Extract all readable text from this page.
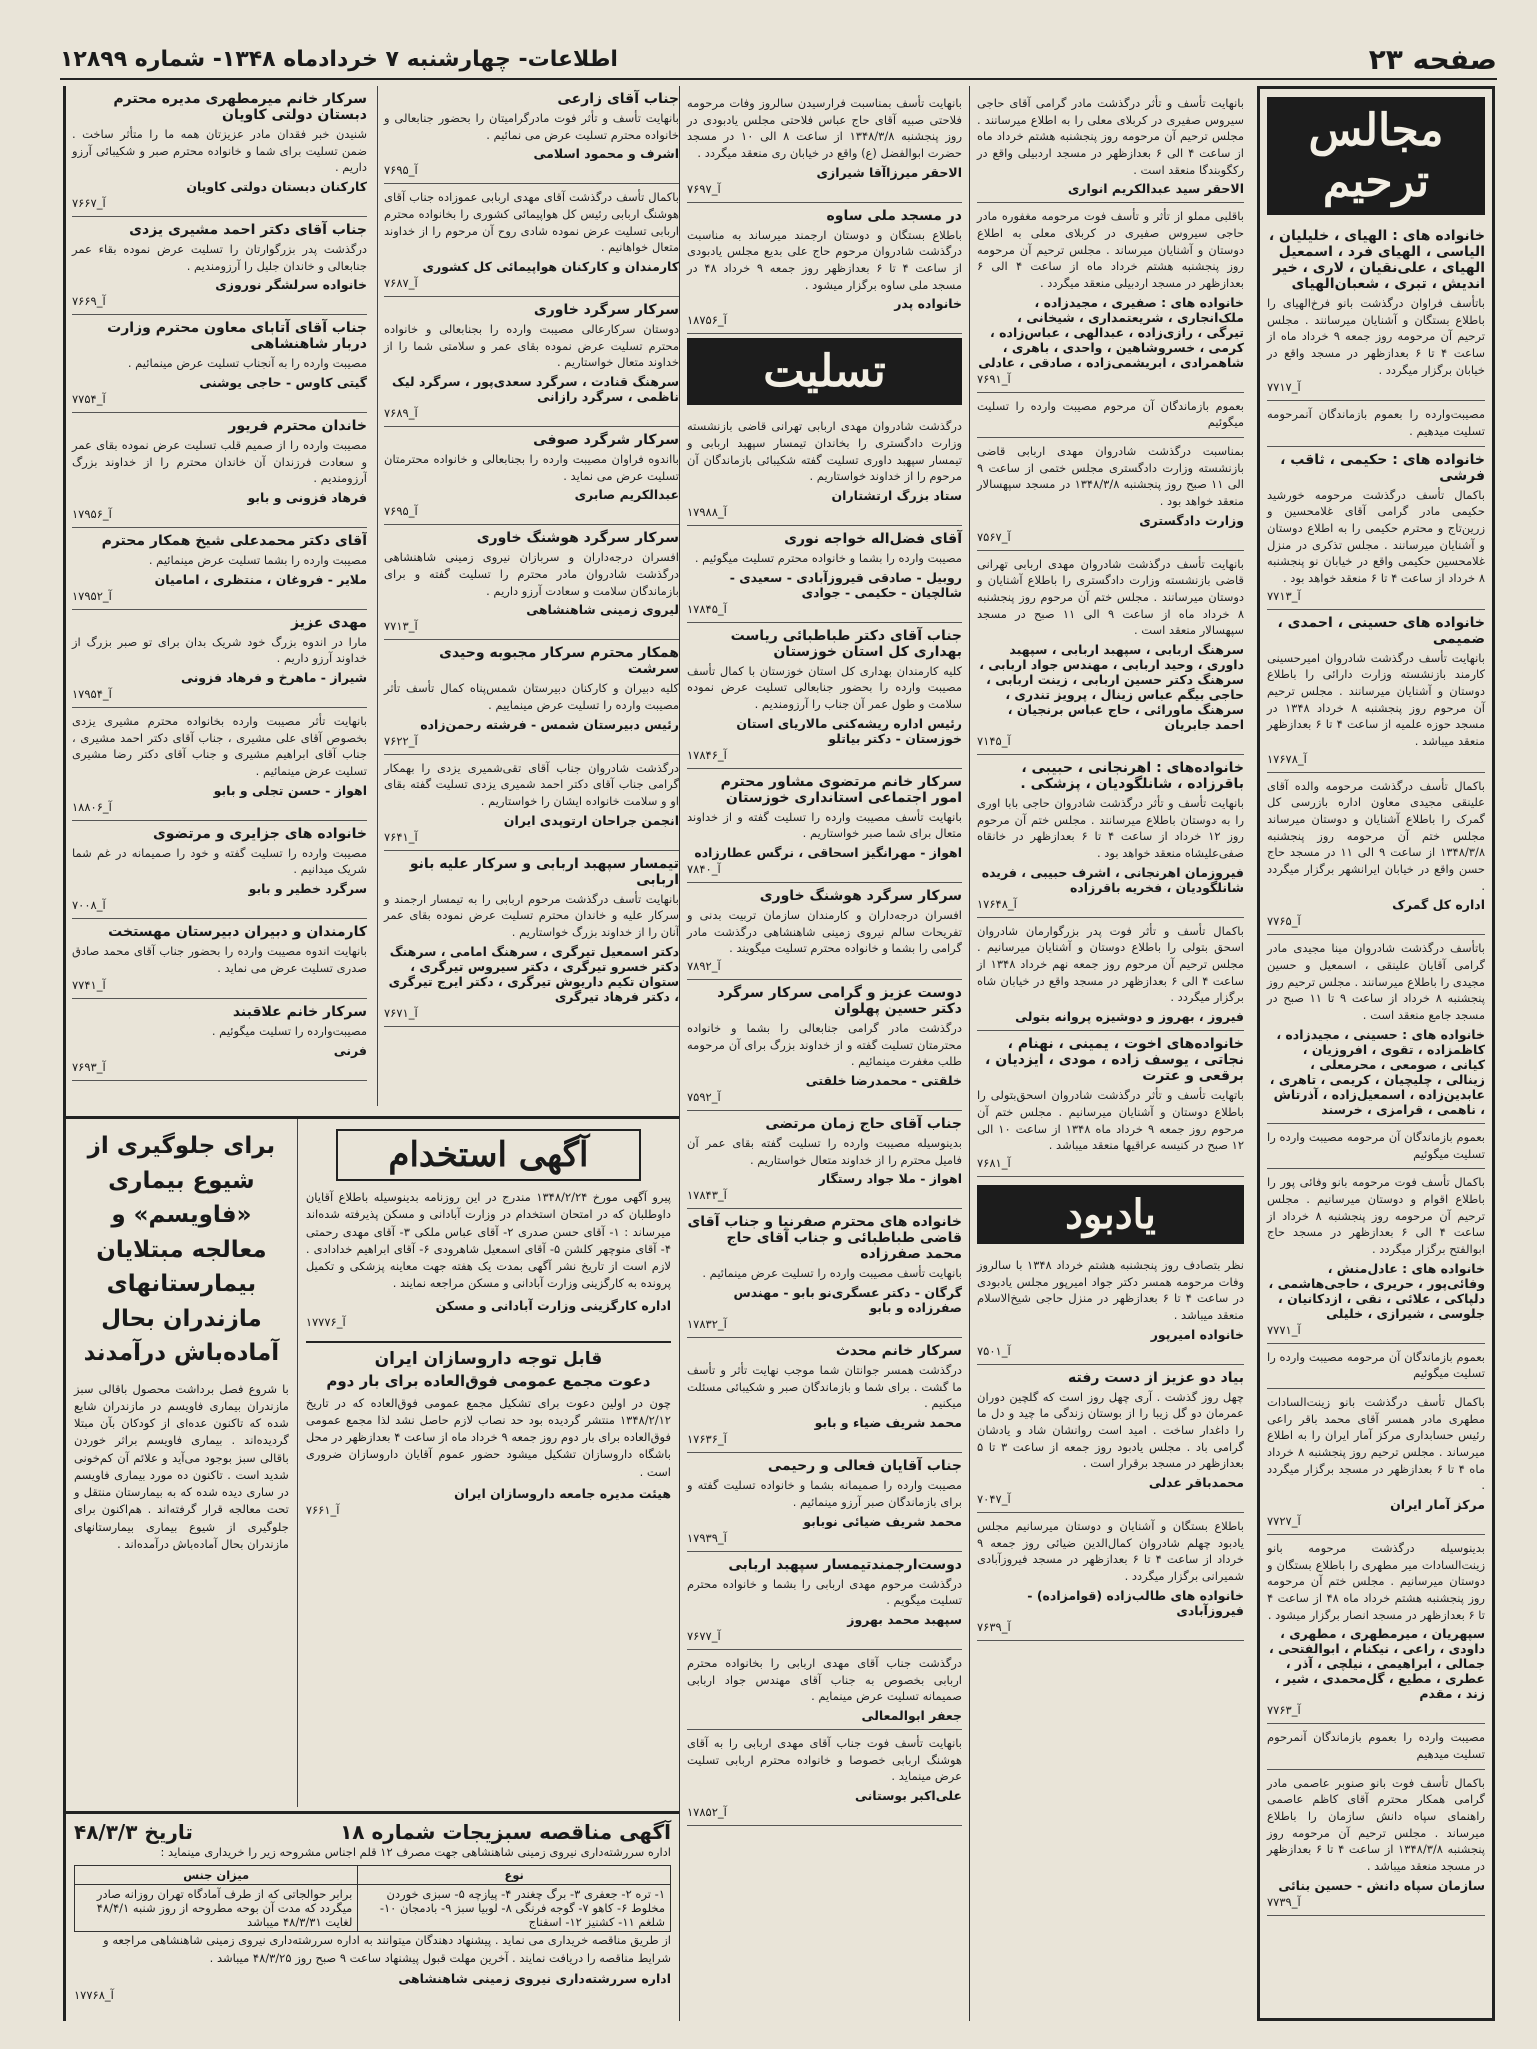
صفحه ۲۳
اطلاعات- چهارشنبه ۷ خردادماه ۱۳۴۸- شماره ۱۲۸۹۹
مجالس ترحیم
خانواده های : الهیای ، خلیلیان ، الیاسی ، الهیای فرد ، اسمعیل الهیای ، علی‌نقیان ، لاری ، خیر اندیش ، تبری ، شعبان‌الهیای
باتأسف فراوان درگذشت بانو فرخ‌الهیای را باطلاع بستگان و آشنایان میرسانند . مجلس ترحیم آن مرحومه روز جمعه ۹ خرداد ماه از ساعت ۴ تا ۶ بعدازظهر در مسجد واقع در خیابان برگزار میگردد .
۷۷۱۷_آ
مصیبت‌وارده را بعموم بازماندگان آنمرحومه تسلیت میدهیم .
خانواده های : حکیمی ، ثاقب ، فرشی
باکمال تأسف درگذشت مرحومه خورشید حکیمی مادر گرامی آقای غلامحسین و زرین‌تاج و محترم حکیمی را به اطلاع دوستان و آشنایان میرسانند . مجلس تذکری در منزل غلامحسین حکیمی واقع در خیابان نو پنجشنبه ۸ خرداد از ساعت ۴ تا ۶ منعقد خواهد بود .
۷۷۱۳_آ
خانواده های حسینی ، احمدی ، ضمیمی
بانهایت تأسف درگذشت شادروان امیرحسینی کارمند بازنشسته وزارت دارائی را باطلاع دوستان و آشنایان میرسانند . مجلس ترحیم آن مرحوم روز پنجشنبه ۸ خرداد ۱۳۴۸ در مسجد حوزه علمیه از ساعت ۴ تا ۶ بعدازظهر منعقد میباشد .
۱۷۶۷۸_آ
باکمال تأسف درگذشت مرحومه والده آقای علینقی مجیدی معاون اداره بازرسی کل گمرک را باطلاع آشنایان و دوستان میرساند مجلس ختم آن مرحومه روز پنجشنبه ۱۳۴۸/۳/۸ از ساعت ۹ الی ۱۱ در مسجد حاج حسن واقع در خیابان ایرانشهر برگزار میگردد .
اداره کل گمرک
۷۷۶۵_آ
باتأسف درگذشت شادروان مینا مجیدی مادر گرامی آقایان علینقی ، اسمعیل و حسین مجیدی را باطلاع میرسانند . مجلس ترحیم روز پنجشنبه ۸ خرداد از ساعت ۹ تا ۱۱ صبح در مسجد جامع منعقد است .
خانواده های : حسینی ، مجیدزاده ، کاظمزاده ، تقوی ، افروزیان ، کیانی ، صومعی ، محرمعلی ، زینالی ، چلیچیان ، کریمی ، تاهری ، عابدین‌زاده ، اسمعیل‌زاده ، آذرتاش ، ناهمی ، قرامزی ، خرسند
بعموم بازماندگان آن مرحومه مصیبت وارده را تسلیت میگوئیم
باکمال تأسف فوت مرحومه بانو وفائی پور را باطلاع اقوام و دوستان میرسانیم . مجلس ترحیم آن مرحومه روز پنجشنبه ۸ خرداد از ساعت ۴ الی ۶ بعدازظهر در مسجد حاج ابوالفتح برگزار میگردد .
خانواده های : عادل‌منش ، وفائی‌پور ، حریری ، حاجی‌هاشمی ، دلپاکی ، علائی ، نقی ، ازدکانیان ، جلوسی ، شیرازی ، خلیلی
۷۷۷۱_آ
بعموم بازماندگان آن مرحومه مصیبت وارده را تسلیت میگوئیم
باکمال تأسف درگذشت بانو زینت‌السادات مطهری مادر همسر آقای محمد باقر راعی رئیس حسابداری مرکز آمار ایران را به اطلاع میرساند . مجلس ترحیم روز پنجشنبه ۸ خرداد ماه ۴ تا ۶ بعدازظهر در مسجد برگزار میگردد .
مرکز آمار ایران
۷۷۲۷_آ
بدینوسیله درگذشت مرحومه بانو زینت‌السادات میر مطهری را باطلاع بستگان و دوستان میرسانیم . مجلس ختم آن مرحومه روز پنجشنبه هشتم خرداد ماه ۴۸ از ساعت ۴ تا ۶ بعدازظهر در مسجد انصار برگزار میشود .
سپهریان ، میرمطهری ، مطهری ، داودی ، راعی ، نیکنام ، ابوالفتحی ، جمالی ، ابراهیمی ، نیلچی ، آذر ، عطری ، مطیع ، گل‌محمدی ، شیر ، زند ، مقدم
۷۷۶۳_آ
مصیبت وارده را بعموم بازماندگان آنمرحوم تسلیت میدهیم
باکمال تأسف فوت بانو صنوبر عاصمی مادر گرامی همکار محترم آقای کاظم عاصمی راهنمای سپاه دانش سازمان را باطلاع میرساند . مجلس ترحیم آن مرحومه روز پنجشنبه ۱۳۴۸/۳/۸ از ساعت ۴ تا ۶ بعدازظهر در مسجد منعقد میباشد .
سازمان سپاه دانش - حسین بنائی
۷۷۳۹_آ
بانهایت تأسف و تأثر درگذشت مادر گرامی آقای حاجی سیروس صفیری در کربلای معلی را به اطلاع میرسانند . مجلس ترحیم آن مرحومه روز پنجشنبه هشتم خرداد ماه از ساعت ۴ الی ۶ بعدازظهر در مسجد اردبیلی واقع در رکگوبندگا منعقد است .
الاحقر سید عبدالکریم انواری
باقلبی مملو از تأثر و تأسف فوت مرحومه مغفوره مادر حاجی سیروس صفیری در کربلای معلی به اطلاع دوستان و آشنایان میرساند . مجلس ترحیم آن مرحومه روز پنجشنبه هشتم خرداد ماه از ساعت ۴ الی ۶ بعدازظهر در مسجد اردبیلی منعقد میگردد .
خانواده های : صفیری ، مجیدزاده ، ملک‌انجاری ، شریعتمداری ، شیخانی ، تیرگی ، رازی‌زاده ، عبدالهی ، عباس‌زاده ، کرمی ، خسروشاهین ، واحدی ، باهری ، شاهمرادی ، ابریشمی‌زاده ، صادقی ، عادلی
۷۶۹۱_آ
بعموم بازماندگان آن مرحوم مصیبت وارده را تسلیت میگوئیم
بمناسبت درگذشت شادروان مهدی اربابی قاضی بازنشسته وزارت دادگستری مجلس ختمی از ساعت ۹ الی ۱۱ صبح روز پنجشنبه ۱۳۴۸/۳/۸ در مسجد سپهسالار منعقد خواهد بود .
وزارت دادگستری
۷۵۶۷_آ
بانهایت تأسف درگذشت شادروان مهدی اربابی تهرانی قاضی بازنشسته وزارت دادگستری را باطلاع آشنایان و دوستان میرسانند . مجلس ختم آن مرحوم روز پنجشنبه ۸ خرداد ماه از ساعت ۹ الی ۱۱ صبح در مسجد سپهسالار منعقد است .
سرهنگ اربابی ، سپهبد اربابی ، سپهبد داوری ، وحید اربابی ، مهندس جواد اربابی ، سرهنگ دکتر حسین اربابی ، زینت اربابی ، حاجی بیگم عباس زینال ، پرویز تندری ، سرهنگ ماورائی ، حاج عباس برنجیان ، احمد جابریان
۷۱۴۵_آ
خانواده‌های : اهرنجانی ، حبیبی ، باقرزاده ، شانلگودیان ، پزشکی .
بانهایت تأسف و تأثر درگذشت شادروان حاجی بابا اوری را به دوستان باطلاع میرسانند . مجلس ختم آن مرحوم روز ۱۲ خرداد از ساعت ۴ تا ۶ بعدازظهر در خانقاه صفی‌علیشاه منعقد خواهد بود .
فیروزمان اهرنجانی ، اشرف حبیبی ، فریده شانلگودیان ، فخریه باقرزاده
۱۷۶۴۸_آ
باکمال تأسف و تأثر فوت پدر بزرگوارمان شادروان اسحق بتولی را باطلاع دوستان و آشنایان میرسانیم . مجلس ترحیم آن مرحوم روز جمعه نهم خرداد ۱۳۴۸ از ساعت ۴ الی ۶ بعدازظهر در مسجد واقع در خیابان شاه برگزار میگردد .
فیروز ، بهروز و دوشیزه پروانه بتولی
خانواده‌های اخوت ، یمینی ، نهنام ، نجاتی ، یوسف زاده ، مودی ، ایزدیان ، برقعی و عترت
باتهایت تأسف و تأثر درگذشت شادروان اسحق‌بتولی را باطلاع دوستان و آشنایان میرسانیم . مجلس ختم آن مرحوم روز جمعه ۹ خرداد ماه ۱۳۴۸ از ساعت ۱۰ الی ۱۲ صبح در کنیسه عراقیها منعقد میباشد .
۷۶۸۱_آ
یادبود
نظر بتصادف روز پنجشنبه هشتم خرداد ۱۳۴۸ با سالروز وفات مرحومه همسر دکتر جواد امیرپور مجلس یادبودی در ساعت ۴ تا ۶ بعدازظهر در منزل حاجی شیخ‌الاسلام منعقد میباشد .
خانواده امیرپور
۷۵۰۱_آ
بیاد دو عزیز از دست رفته
چهل روز گذشت . آری چهل روز است که گلچین دوران عمرمان دو گل زیبا را از بوستان زندگی ما چید و دل ما را داغدار ساخت . امید است روانشان شاد و یادشان گرامی باد . مجلس یادبود روز جمعه از ساعت ۳ تا ۵ بعدازظهر در مسجد برقرار است .
محمدباقر عدلی
۷۰۴۷_آ
باطلاع بستگان و آشنایان و دوستان میرسانیم مجلس یادبود چهلم شادروان کمال‌الدین ضیائی روز جمعه ۹ خرداد از ساعت ۴ تا ۶ بعدازظهر در مسجد فیروزآبادی شمیرانی برگزار میگردد .
خانواده های طالب‌زاده (قوامزاده) - فیروزآبادی
۷۶۳۹_آ
بانهایت تأسف بمناسبت فرارسیدن سالروز وفات مرحومه فلاحتی صبیه آقای حاج عباس فلاحتی مجلس یادبودی در روز پنجشنبه ۱۳۴۸/۳/۸ از ساعت ۸ الی ۱۰ در مسجد حضرت ابوالفضل (ع) واقع در خیابان ری منعقد میگردد .
الاحقر میرزاآقا شیرازی
۷۶۹۷_آ
در مسجد ملی ساوه
باطلاع بستگان و دوستان ارجمند میرساند به مناسبت درگذشت شادروان مرحوم حاج علی بدیع مجلس یادبودی از ساعت ۴ تا ۶ بعدازظهر روز جمعه ۹ خرداد ۴۸ در مسجد ملی ساوه برگزار میشود .
خانواده پدر
۱۸۷۵۶_آ
تسلیت
درگذشت شادروان مهدی اربابی تهرانی قاضی بازنشسته وزارت دادگستری را بخاندان تیمسار سپهبد اربابی و تیمسار سپهبد داوری تسلیت گفته شکیبائی بازماندگان آن مرحوم را از خداوند خواستاریم .
ستاد بزرگ ارتشتاران
۱۷۹۸۸_آ
آقای فضل‌اله خواجه نوری
مصیبت وارده را بشما و خانواده محترم تسلیت میگوئیم .
روبیل - صادقی قیروزآبادی - سعیدی - شالچیان - حکیمی - جوادی
۱۷۸۴۵_آ
جناب آقای دکتر طباطبائی ریاست بهداری کل استان خوزستان
کلیه کارمندان بهداری کل استان خوزستان با کمال تأسف مصیبت وارده را بحضور جنابعالی تسلیت عرض نموده سلامت و طول عمر آن جناب را آرزومندیم .
رئیس اداره ریشه‌کنی مالاریای استان خوزستان - دکتر بیاتلو
۱۷۸۴۶_آ
سرکار خانم مرتضوی مشاور محترم امور اجتماعی استانداری خوزستان
بانهایت تأسف مصیبت وارده را تسلیت گفته و از خداوند متعال برای شما صبر خواستاریم .
اهواز - مهرانگیز اسحاقی ، نرگس عطارزاده
۷۸۴۰_آ
سرکار سرگرد هوشنگ خاوری
افسران درجه‌داران و کارمندان سازمان تربیت بدنی و تفریحات سالم نیروی زمینی شاهنشاهی درگذشت مادر گرامی را بشما و خانواده محترم تسلیت میگویند .
۷۸۹۲_آ
دوست عزیز و گرامی سرکار سرگرد دکتر حسین پهلوان
درگذشت مادر گرامی جنابعالی را بشما و خانواده محترمتان تسلیت گفته و از خداوند بزرگ برای آن مرحومه طلب مغفرت مینمائیم .
خلقتی - محمدرضا خلقتی
۷۵۹۲_آ
جناب آقای حاج زمان مرتضی
بدینوسیله مصیبت وارده را تسلیت گفته بقای عمر آن فامیل محترم را از خداوند متعال خواستاریم .
اهواز - ملا جواد رستگار
۱۷۸۴۳_آ
خانواده های محترم صفرنیا و جناب آقای قاضی طباطبائی و جناب آقای حاج محمد صفرزاده
بانهایت تأسف مصیبت وارده را تسلیت عرض مینمائیم .
گرگان - دکتر عسگری‌نو بابو - مهندس صفرزاده و بابو
۱۷۸۳۲_آ
سرکار خانم محدث
درگذشت همسر جوانتان شما موجب نهایت تأثر و تأسف ما گشت . برای شما و بازماندگان صبر و شکیبائی مسئلت میکنیم .
محمد شریف ضیاء و بابو
۱۷۶۳۶_آ
جناب آقایان فعالی و رحیمی
مصیبت وارده را صمیمانه بشما و خانواده تسلیت گفته و برای بازماندگان صبر آرزو مینمائیم .
محمد شریف ضیائی نوبابو
۱۷۹۳۹_آ
دوست‌ارجمند‌تیمسار سپهبد اربابی
درگذشت مرحوم مهدی اربابی را بشما و خانواده محترم تسلیت میگویم .
سپهبد محمد بهروز
۷۶۷۷_آ
درگذشت جناب آقای مهدی اربابی را بخانواده محترم اربابی بخصوص به جناب آقای مهندس جواد اربابی صمیمانه تسلیت عرض مینمایم .
جعفر ابوالمعالی
بانهایت تأسف فوت جناب آقای مهدی اربابی را به آقای هوشنگ اربابی خصوصا و خانواده محترم اربابی تسلیت عرض مینماید .
علی‌اکبر بوستانی
۱۷۸۵۲_آ
جناب آقای زارعی
بانهایت تأسف و تأثر فوت مادرگرامیتان را بحضور جنابعالی و خانواده محترم تسلیت عرض می نمائیم .
اشرف و محمود اسلامی
۷۶۹۵_آ
باکمال تأسف درگذشت آقای مهدی اربابی عموزاده جناب آقای هوشنگ اربابی رئیس کل هواپیمائی کشوری را بخانواده محترم اربابی تسلیت عرض نموده شادی روح آن مرحوم را از خداوند متعال خواهانیم .
کارمندان و کارکنان هواپیمائی کل کشوری
۷۶۸۷_آ
سرکار سرگرد خاوری
دوستان سرکارعالی مصیبت وارده را بجنابعالی و خانواده محترم تسلیت عرض نموده بقای عمر و سلامتی شما را از خداوند متعال خواستاریم .
سرهنگ قنادت ، سرگرد سعدی‌پور ، سرگرد لیک ناظمی ، سرگرد رازانی
۷۶۸۹_آ
سرکار شرگرد صوفی
بااندوه فراوان مصیبت وارده را بجنابعالی و خانواده محترمتان تسلیت عرض می نماید .
عبدالکریم صابری
۷۶۹۵_آ
سرکار سرگرد هوشنگ خاوری
افسران درجه‌داران و سربازان نیروی زمینی شاهنشاهی درگذشت شادروان مادر محترم را تسلیت گفته و برای بازماندگان سلامت و سعادت آرزو داریم .
لیروی زمینی شاهنشاهی
۷۷۱۳_آ
همکار محترم سرکار مجبوبه وحیدی سرشت
کلیه دبیران و کارکنان دبیرستان شمس‌پناه کمال تأسف تأثر مصیبت وارده را تسلیت عرض مینماییم .
رئیس دبیرستان شمس - فرشته رحمن‌زاده
۷۶۲۲_آ
درگذشت شادروان جناب آقای تقی‌شمیری یزدی را بهمکار گرامی جناب آقای دکتر احمد شمیری یزدی تسلیت گفته بقای او و سلامت خانواده ایشان را خواستاریم .
انجمن جراحان ارتوپدی ایران
۷۶۴۱_آ
تیمسار سپهبد اربابی و سرکار علیه بانو اربابی
بانهایت تأسف درگذشت مرحوم اربابی را به تیمسار ارجمند و سرکار علیه و خاندان محترم تسلیت عرض نموده بقای عمر آنان را از خداوند بزرگ خواستاریم .
دکتر اسمعیل تیرگری ، سرهنگ امامی ، سرهنگ دکتر خسرو تیرگری ، دکتر سیروس تیرگری ، ستوان تکیم داریوش تیرگری ، دکتر ایرج تیرگری ، دکتر فرهاد تیرگری
۷۶۷۱_آ
سرکار خانم میرمطهری مدیره محترم دبستان دولتی کاویان
شنیدن خبر فقدان مادر عزیزتان همه ما را متأثر ساخت . ضمن تسلیت برای شما و خانواده محترم صبر و شکیبائی آرزو داریم .
کارکنان دبستان دولتی کاویان
۷۶۶۷_آ
جناب آقای دکتر احمد مشیری یزدی
درگذشت پدر بزرگوارتان را تسلیت عرض نموده بقاء عمر جنابعالی و خاندان جلیل را آرزومندیم .
خانواده سرلشگر نوروزی
۷۶۶۹_آ
جناب آقای آتابای معاون محترم وزارت دربار شاهنشاهی
مصیبت وارده را به آنجناب تسلیت عرض مینمائیم .
گیتی کاوس - حاجی یوشنی
۷۷۵۴_آ
خاندان محترم فریور
مصیبت وارده را از صمیم قلب تسلیت عرض نموده بقای عمر و سعادت فرزندان آن خاندان محترم را از خداوند بزرگ آرزومندیم .
فرهاد فزونی و بابو
۱۷۹۵۶_آ
آقای دکتر محمدعلی شیخ همکار محترم
مصیبت وارده را بشما تسلیت عرض مینمائیم .
ملایر - فروغان ، منتظری ، امامیان
۱۷۹۵۲_آ
مهدی عزیز
مارا در اندوه بزرگ خود شریک بدان برای تو صبر بزرگ از خداوند آرزو داریم .
شیراز - ماهرخ و فرهاد فزونی
۱۷۹۵۴_آ
بانهایت تأثر مصیبت وارده بخانواده محترم مشیری یزدی بخصوص آقای علی مشیری ، جناب آقای دکتر احمد مشیری ، جناب آقای ابراهیم مشیری و جناب آقای دکتر رضا مشیری تسلیت عرض مینمائیم .
اهواز - حسن تجلی و بابو
۱۸۸۰۶_آ
خانواده های جزایری و مرتضوی
مصیبت وارده را تسلیت گفته و خود را صمیمانه در غم شما شریک میدانیم .
سرگرد خطیر و بابو
۷۰۰۸_آ
کارمندان و دبیران دبیرستان مهستخت
بانهایت اندوه مصیبت وارده را بحضور جناب آقای محمد صادق صدری تسلیت عرض می نماید .
۷۷۴۱_آ
سرکار خانم علاقبند
مصیبت‌وارده را تسلیت میگوئیم .
فرنی
۷۶۹۳_آ
آگهی استخدام
پیرو آگهی مورخ ۱۳۴۸/۲/۲۴ مندرج در این روزنامه بدینوسیله باطلاع آقایان داوطلبان که در امتحان استخدام در وزارت آبادانی و مسکن پذیرفته شده‌اند میرساند : ۱- آقای حسن صدری ۲- آقای عباس ملکی ۳- آقای مهدی رحمتی ۴- آقای منوچهر کلشن ۵- آقای اسمعیل شاهرودی ۶- آقای ابراهیم خدادادی . لازم است از تاریخ نشر آگهی بمدت یک هفته جهت معاینه پزشکی و تکمیل پرونده به کارگزینی وزارت آبادانی و مسکن مراجعه نمایند .
اداره کارگزینی وزارت آبادانی و مسکن
۱۷۷۷۶_آ
قابل توجه داروسازان ایران
دعوت مجمع عمومی فوق‌العاده برای بار دوم
چون در اولین دعوت برای تشکیل مجمع عمومی فوق‌العاده که در تاریخ ۱۳۴۸/۲/۱۲ منتشر گردیده بود حد نصاب لازم حاصل نشد لذا مجمع عمومی فوق‌العاده برای بار دوم روز جمعه ۹ خرداد ماه از ساعت ۴ بعدازظهر در محل باشگاه داروسازان تشکیل میشود حضور عموم آقایان داروسازان ضروری است .
هیئت مدیره جامعه داروسازان ایران
۷۶۶۱_آ
برای جلوگیری از شیوع بیماری «فاویسم» و معالجه مبتلایان بیمارستانهای مازندران بحال آماده‌باش درآمدند
با شروع فصل برداشت محصول باقالی سبز مازندران بیماری فاویسم در مازندران شایع شده که تاکنون عده‌ای از کودکان بآن مبتلا گردیده‌اند . بیماری فاویسم براثر خوردن باقالی سبز بوجود می‌آید و علائم آن کم‌خونی شدید است . تاکنون ده مورد بیماری فاویسم در ساری دیده شده که به بیمارستان منتقل و تحت معالجه قرار گرفته‌اند . هم‌اکنون برای جلوگیری از شیوع بیماری بیمارستانهای مازندران بحال آماده‌باش درآمده‌اند .
آگهی مناقصه سبزیجات شماره ۱۸
تاریخ ۴۸/۳/۳
اداره سررشته‌داری نیروی زمینی شاهنشاهی جهت مصرف ۱۲ قلم اجناس مشروحه زیر را خریداری مینماید :
نوع	میزان جنس
۱- تره ۲- جعفری ۳- برگ چغندر ۴- پیازچه ۵- سبزی خوردن مخلوط ۶- کاهو ۷- گوجه فرنگی ۸- لوبیا سبز ۹- بادمجان ۱۰- شلغم ۱۱- کشنیز ۱۲- اسفناج	برابر حوالجاتی که از طرف آمادگاه تهران روزانه صادر میگردد که مدت آن بوحه مطروحه از روز شنبه ۴۸/۴/۱ لغایت ۴۸/۳/۳۱ میباشد
از طریق مناقصه خریداری می نماید . پیشنهاد دهندگان میتوانند به اداره سررشته‌داری نیروی زمینی شاهنشاهی مراجعه و شرایط مناقصه را دریافت نمایند . آخرین مهلت قبول پیشنهاد ساعت ۹ صبح روز ۴۸/۳/۲۵ میباشد .
اداره سررشته‌داری نیروی زمینی شاهنشاهی
۱۷۷۶۸_آ
